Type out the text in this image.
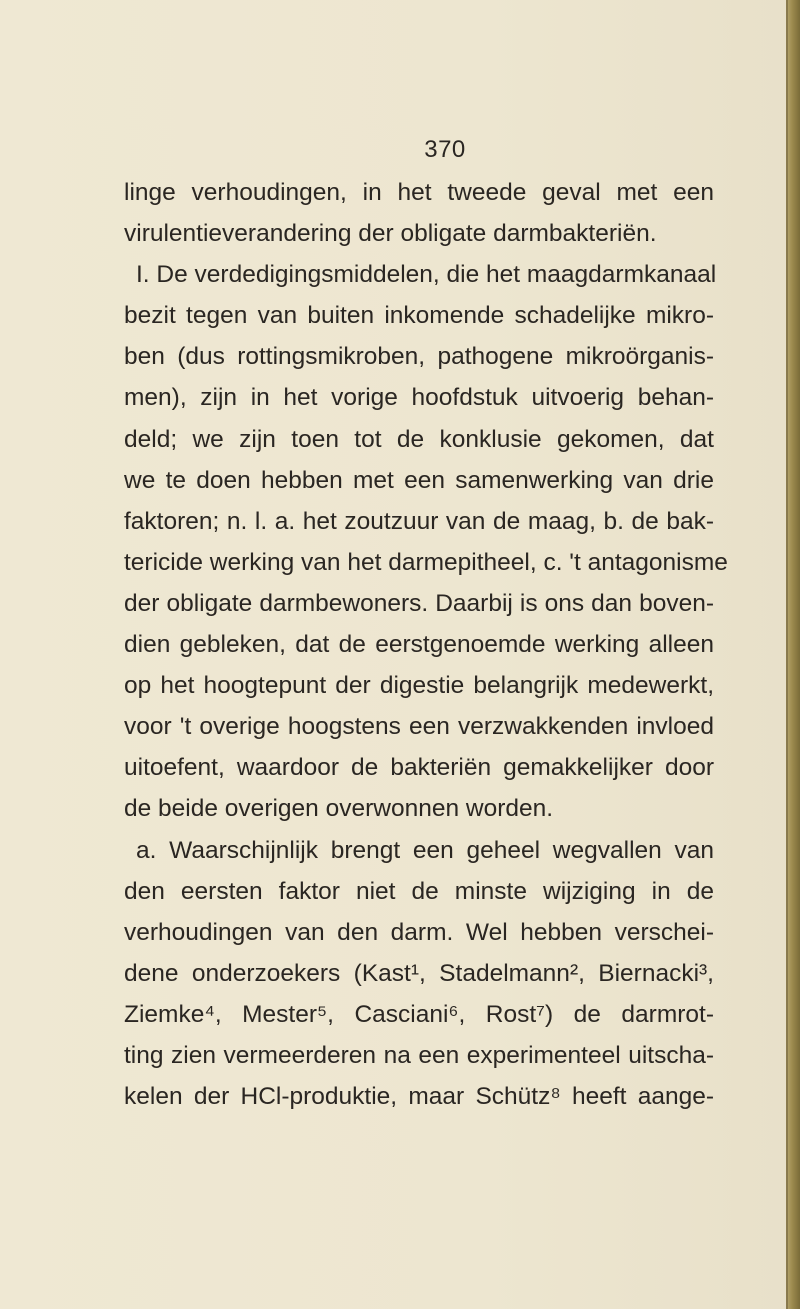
370
linge verhoudingen, in het tweede geval met een
virulentieverandering der obligate darmbakteriën.
I. De verdedigingsmiddelen, die het maagdarmkanaal
bezit tegen van buiten inkomende schadelijke mikro-
ben (dus rottingsmikroben, pathogene mikroörganis-
men), zijn in het vorige hoofdstuk uitvoerig behan-
deld; we zijn toen tot de konklusie gekomen, dat
we te doen hebben met een samenwerking van drie
faktoren; n. l. a. het zoutzuur van de maag, b. de bak-
tericide werking van het darmepitheel, c. 't antagonisme
der obligate darmbewoners. Daarbij is ons dan boven-
dien gebleken, dat de eerstgenoemde werking alleen
op het hoogtepunt der digestie belangrijk medewerkt,
voor 't overige hoogstens een verzwakkenden invloed
uitoefent, waardoor de bakteriën gemakkelijker door
de beide overigen overwonnen worden.
a. Waarschijnlijk brengt een geheel wegvallen van
den eersten faktor niet de minste wijziging in de
verhoudingen van den darm. Wel hebben verschei-
dene onderzoekers (Kast¹, Stadelmann², Biernacki³,
Ziemke⁴, Mester⁵, Casciani⁶, Rost⁷) de darmrot-
ting zien vermeerderen na een experimenteel uitscha-
kelen der HCl-produktie, maar Schütz⁸ heeft aange-
